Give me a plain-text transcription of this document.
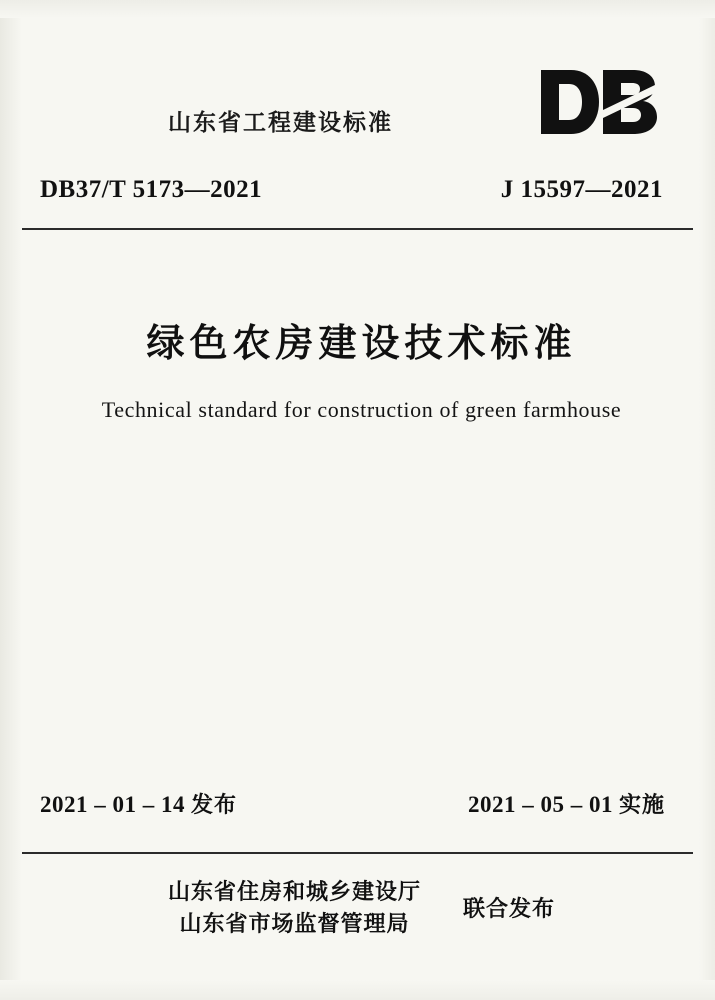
山东省工程建设标准
DB37/T 5173—2021	J 15597—2021
绿色农房建设技术标准
Technical standard for construction of green farmhouse
2021 – 01 – 14 发布	2021 – 05 – 01 实施
山东省住房和城乡建设厅
山东省市场监督管理局
联合发布
